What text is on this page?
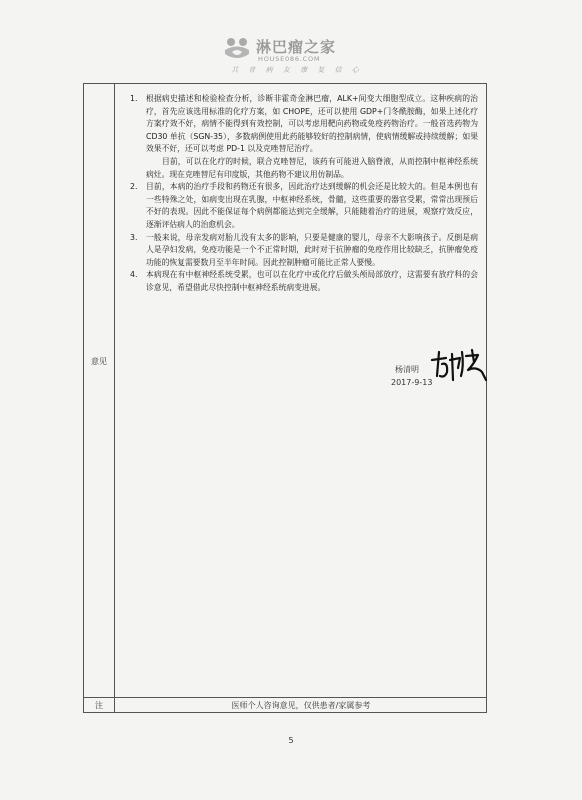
淋巴瘤之家
HOUSE086.COM
共 育 病 友 康 复 信 心
意见
1. 根据病史描述和检验检查分析，诊断非霍奇金淋巴瘤，ALK+间变大细胞型成立。这种疾病的治疗，首先应该选用标准的化疗方案，如 CHOPE，还可以使用 GDP+门冬酰胺酶，如果上述化疗方案疗效不好，病情不能得到有效控制，可以考虑用靶向药物或免疫药物治疗。一般首选药物为 CD30 单抗（SGN-35），多数病例使用此药能够较好的控制病情，使病情缓解或持续缓解；如果效果不好，还可以考虑 PD-1 以及克唑替尼治疗。

目前，可以在化疗的时候，联合克唑替尼，该药有可能进入脑脊液，从而控制中枢神经系统病灶。现在克唑替尼有印度版，其他药物不建议用仿制品。

2. 目前，本病的治疗手段和药物还有很多，因此治疗达到缓解的机会还是比较大的。但是本例也有一些特殊之处，如病变出现在乳腺，中枢神经系统，骨髓，这些重要的器官受累，常常出现预后不好的表现。因此不能保证每个病例都能达到完全缓解，只能随着治疗的进展，观察疗效反应，逐渐评估病人的治愈机会。

3. 一般来说，母亲发病对胎儿没有太多的影响，只要是健康的婴儿，母亲不大影响孩子。反倒是病人是孕妇发病，免疫功能是一个不正常时期，此时对于抗肿瘤的免疫作用比较缺乏，抗肿瘤免疫功能的恢复需要数月至半年时间。因此控制肿瘤可能比正常人要慢。

4. 本病现在有中枢神经系统受累，也可以在化疗中或化疗后做头颅局部放疗，这需要有放疗科的会诊意见，希望借此尽快控制中枢神经系统病变进展。

杨清明
2017-9-13
注	医师个人咨询意见，仅供患者/家属参考
5
